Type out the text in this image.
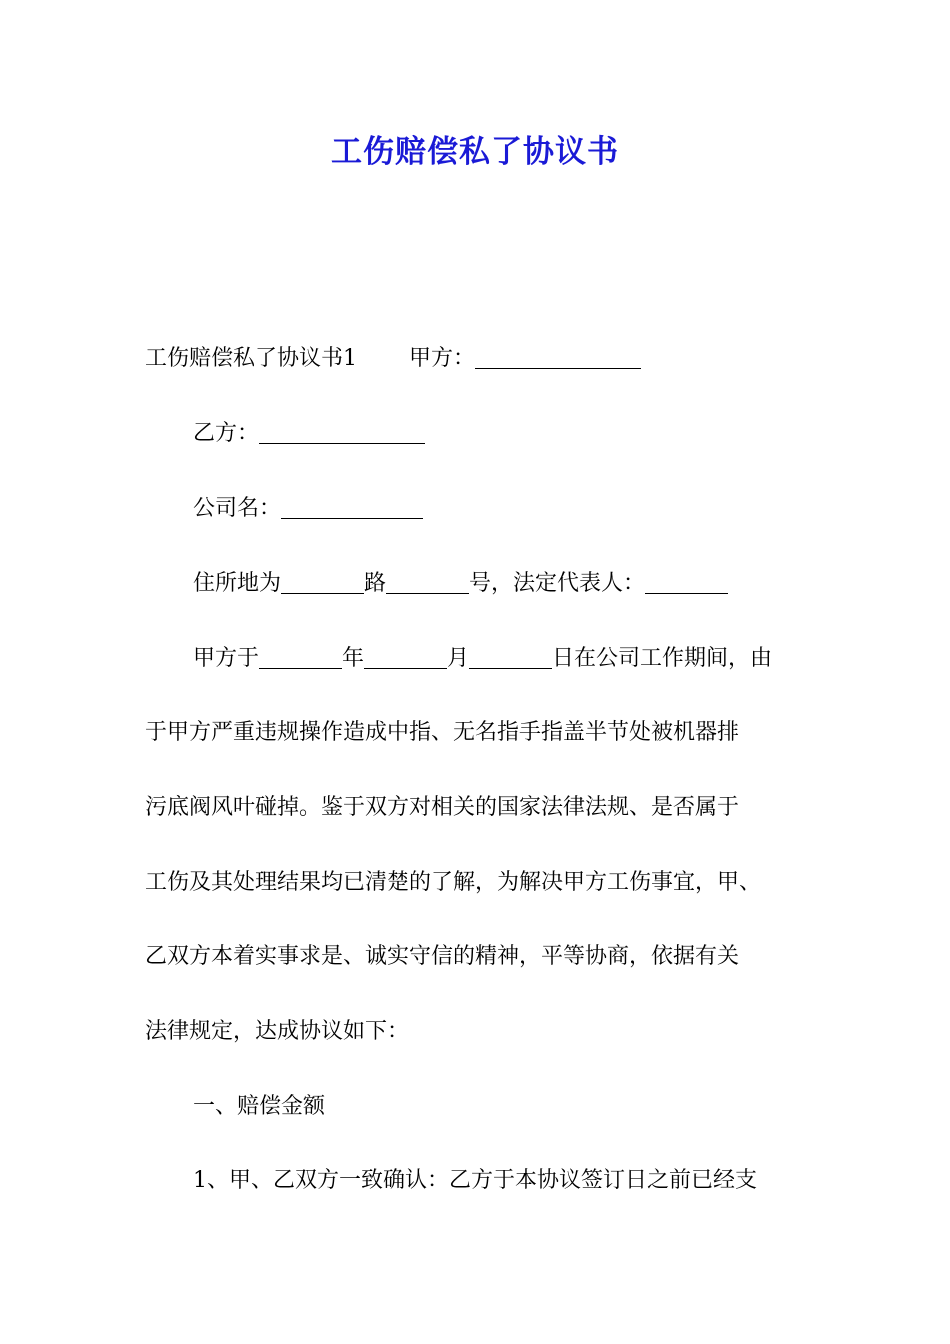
工伤赔偿私了协议书
工伤赔偿私了协议书1 甲方：
乙方：
公司名：
住所地为	路	号，法定代表人：
甲方于	年	月	日在公司工作期间，由
于甲方严重违规操作造成中指、无名指手指盖半节处被机器排
污底阀风叶碰掉。鉴于双方对相关的国家法律法规、是否属于
工伤及其处理结果均已清楚的了解，为解决甲方工伤事宜，甲、
乙双方本着实事求是、诚实守信的精神，平等协商，依据有关
法律规定，达成协议如下：
一、赔偿金额
1、甲、乙双方一致确认：乙方于本协议签订日之前已经支
